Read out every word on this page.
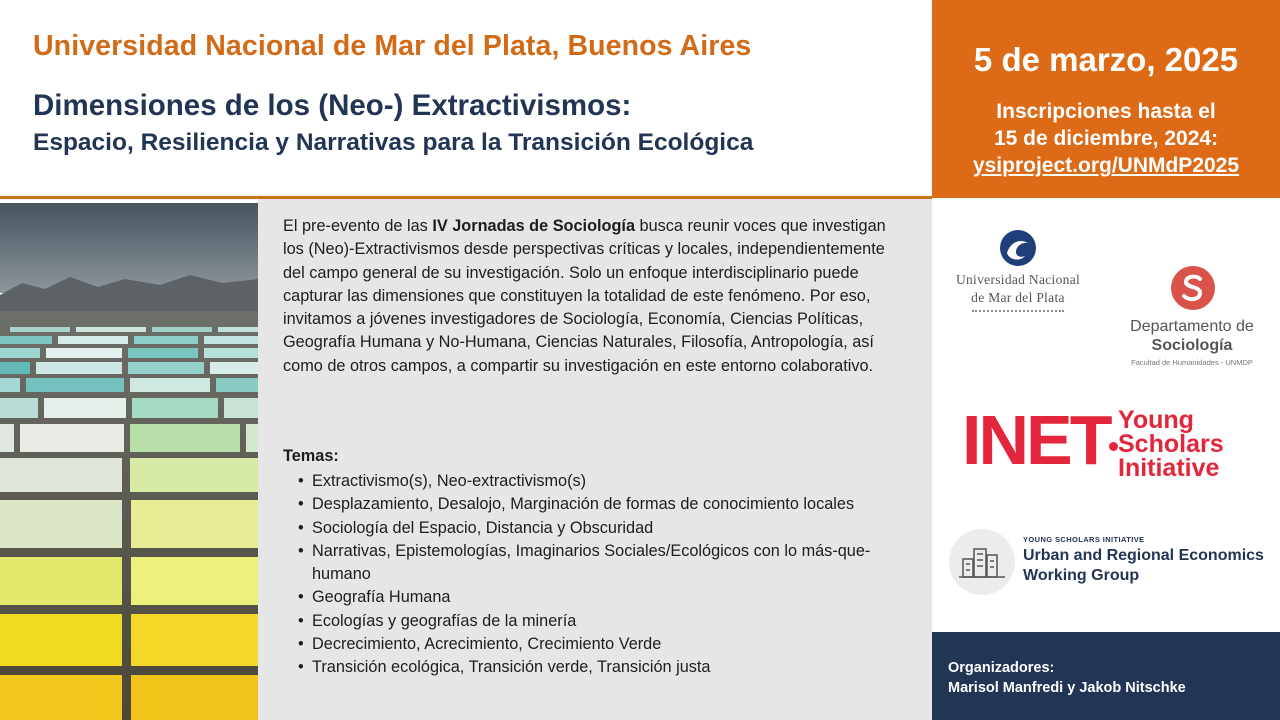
Universidad Nacional de Mar del Plata, Buenos Aires
Dimensiones de los (Neo-) Extractivismos:
Espacio, Resiliencia y Narrativas para la Transición Ecológica
5 de marzo, 2025
Inscripciones hasta el
15 de diciembre, 2024:
ysiproject.org/UNMdP2025

El pre-evento de las IV Jornadas de Sociología busca reunir voces que investigan los (Neo)-Extractivismos desde perspectivas críticas y locales, independientemente del campo general de su investigación. Solo un enfoque interdisciplinario puede capturar las dimensiones que constituyen la totalidad de este fenómeno. Por eso, invitamos a jóvenes investigadores de Sociología, Economía, Ciencias Políticas, Geografía Humana y No-Humana, Ciencias Naturales, Filosofía, Antropología, así como de otros campos, a compartir su investigación en este entorno colaborativo.

Temas:
• Extractivismo(s), Neo-extractivismo(s)
• Desplazamiento, Desalojo, Marginación de formas de conocimiento locales
• Sociología del Espacio, Distancia y Obscuridad
• Narrativas, Epistemologías, Imaginarios Sociales/Ecológicos con lo más-que-humano
• Geografía Humana
• Ecologías y geografías de la minería
• Decrecimiento, Acrecimiento, Crecimiento Verde
• Transición ecológica, Transición verde, Transición justa
Universidad Nacional
de Mar del Plata
Departamento de
Sociología
Facultad de Humanidades - UNMDP
INET Young
Scholars
Initiative
YOUNG SCHOLARS INITIATIVE
Urban and Regional Economics
Working Group
Organizadores:
Marisol Manfredi y Jakob Nitschke
